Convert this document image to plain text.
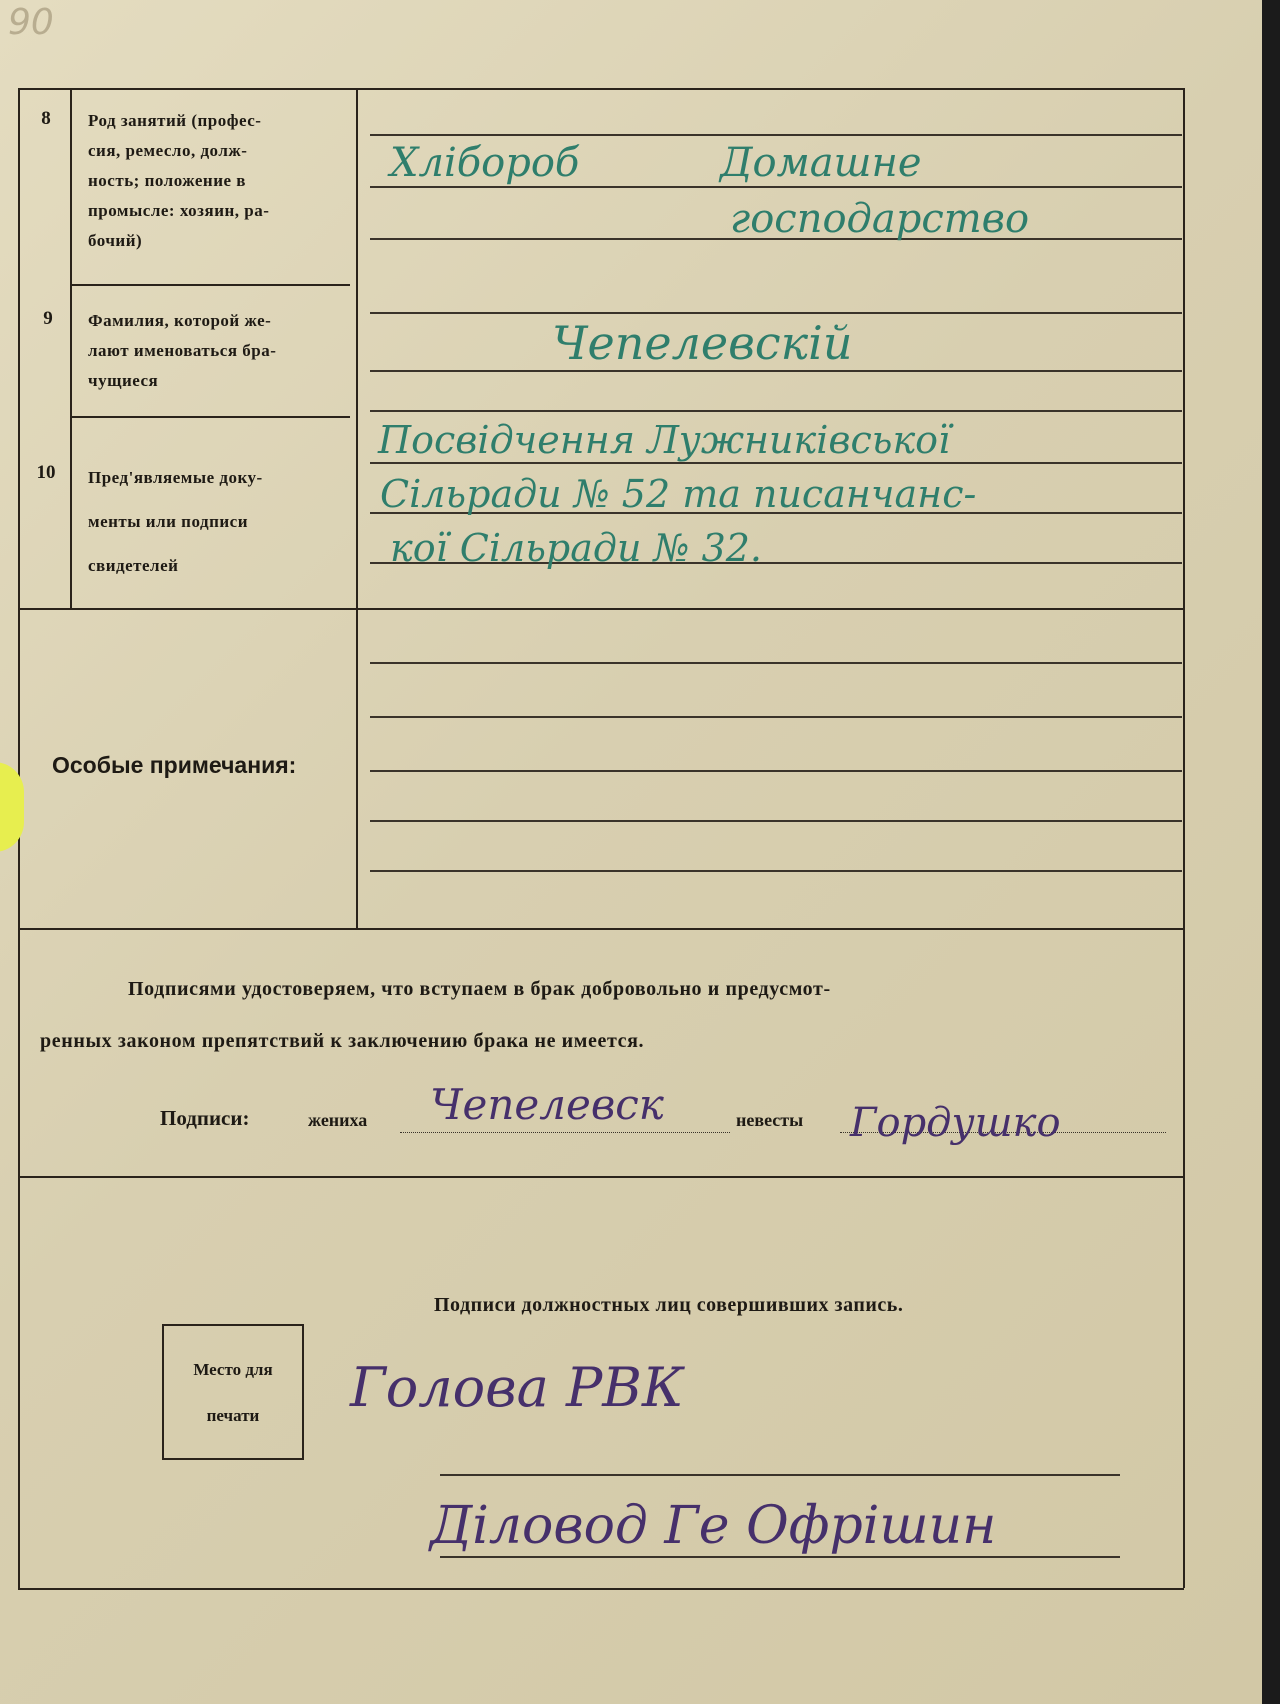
90
8	Род занятий (профес-
сия, ремесло, долж-
ность; положение в
промысле: хозяин, ра-
бочий)
Хлібороб	Домашне
господарство
9	Фамилия, которой же-
лают именоваться бра-
чущиеся
Чепелевскій
10	Пред'являемые доку-
менты или подписи
свидетелей
Посвідчення Лужниківської
Сільради № 52 та писанчанс-
кої Сільради № 32.
Особые примечания:
Подписями удостоверяем, что вступаем в брак добровольно и предусмот-
ренных законом препятствий к заключению брака не имеется.
Подписи:	жениха Чепелевск	невесты Гордушко
Подписи должностных лиц совершивших запись.
Место для
печати	Голова РВК
Діловод Ге Офрішин
